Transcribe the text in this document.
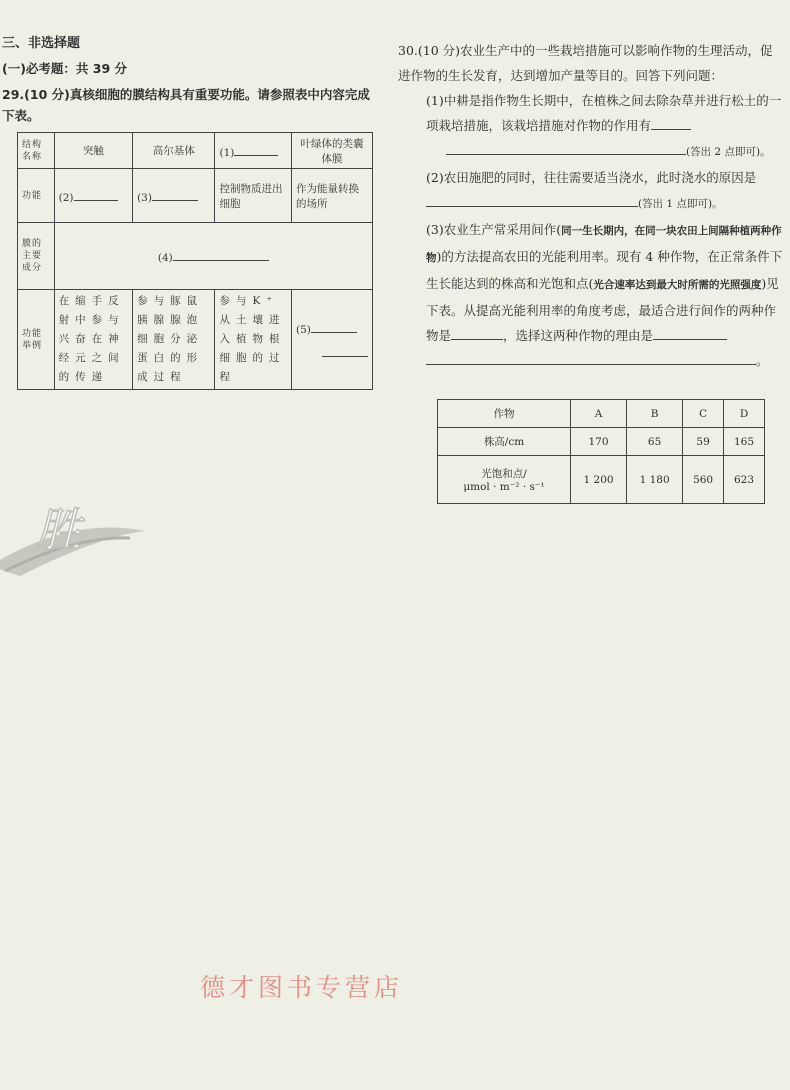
三、非选择题
(一)必考题：共 39 分
29.(10 分)真核细胞的膜结构具有重要功能。请参照表中内容完成下表。
结构名称	突触	高尔基体	(1)	叶绿体的类囊体膜
功能	(2)	(3)	控制物质进出细胞	作为能量转换的场所
膜的主要成分	(4)			
功能举例	在缩手反射中参与兴奋在神经元之间的传递	参与豚鼠胰腺腺泡细胞分泌蛋白的形成过程	参与K⁺从土壤进入植物根细胞的过程	(5)

胜
30.(10 分)农业生产中的一些栽培措施可以影响作物的生理活动，促进作物的生长发育，达到增加产量等目的。回答下列问题：
(1)中耕是指作物生长期中，在植株之间去除杂草并进行松土的一项栽培措施，该栽培措施对作物的作用有
(答出 2 点即可)。
(2)农田施肥的同时，往往需要适当浇水，此时浇水的原因是(答出 1 点即可)。
(3)农业生产常采用间作(同一生长期内，在同一块农田上间隔种植两种作物)的方法提高农田的光能利用率。现有 4 种作物，在正常条件下生长能达到的株高和光饱和点(光合速率达到最大时所需的光照强度)见下表。从提高光能利用率的角度考虑，最适合进行间作的两种作物是	，选择这两种作物的理由是
。
作物	A	B	C	D
株高/cm	170	65	59	165
光饱和点/
μmol · m⁻² · s⁻¹	1 200	1 180	560	623
德才图书专营店
